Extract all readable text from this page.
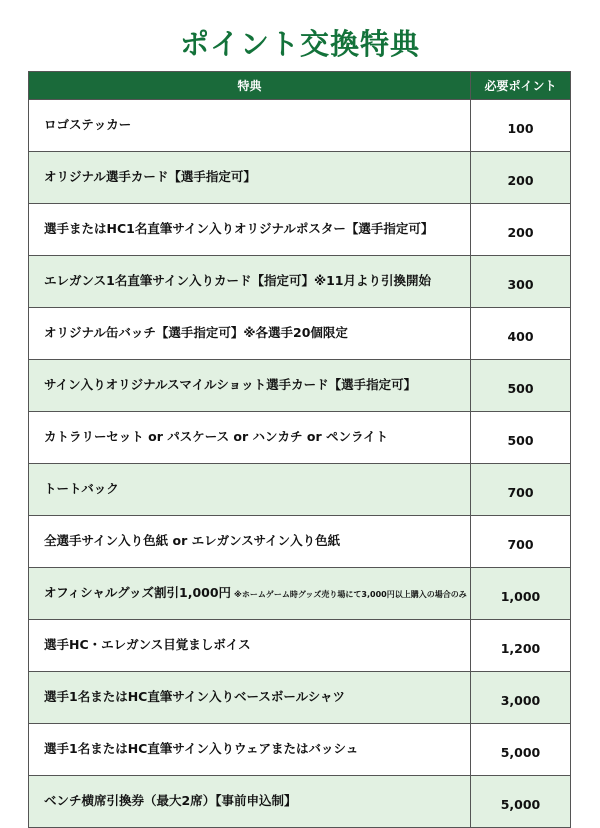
ポイント交換特典
特典	必要ポイント

ロゴステッカー	100

オリジナル選手カード【選手指定可】	200

選手またはHC1名直筆サイン入りオリジナルポスター【選手指定可】	200

エレガンス1名直筆サイン入りカード【指定可】※11月より引換開始	300

オリジナル缶バッチ【選手指定可】※各選手20個限定	400

サイン入りオリジナルスマイルショット選手カード【選手指定可】	500

カトラリーセット or パスケース or ハンカチ or ペンライト	500

トートバック	700

全選手サイン入り色紙 or エレガンスサイン入り色紙	700

オフィシャルグッズ割引1,000円 ※ホームゲーム時グッズ売り場にて3,000円以上購入の場合のみ	1,000

選手HC・エレガンス目覚ましボイス	1,200

選手1名またはHC直筆サイン入りベースボールシャツ	3,000

選手1名またはHC直筆サイン入りウェアまたはバッシュ	5,000

ベンチ横席引換券（最大2席）【事前申込制】	5,000
